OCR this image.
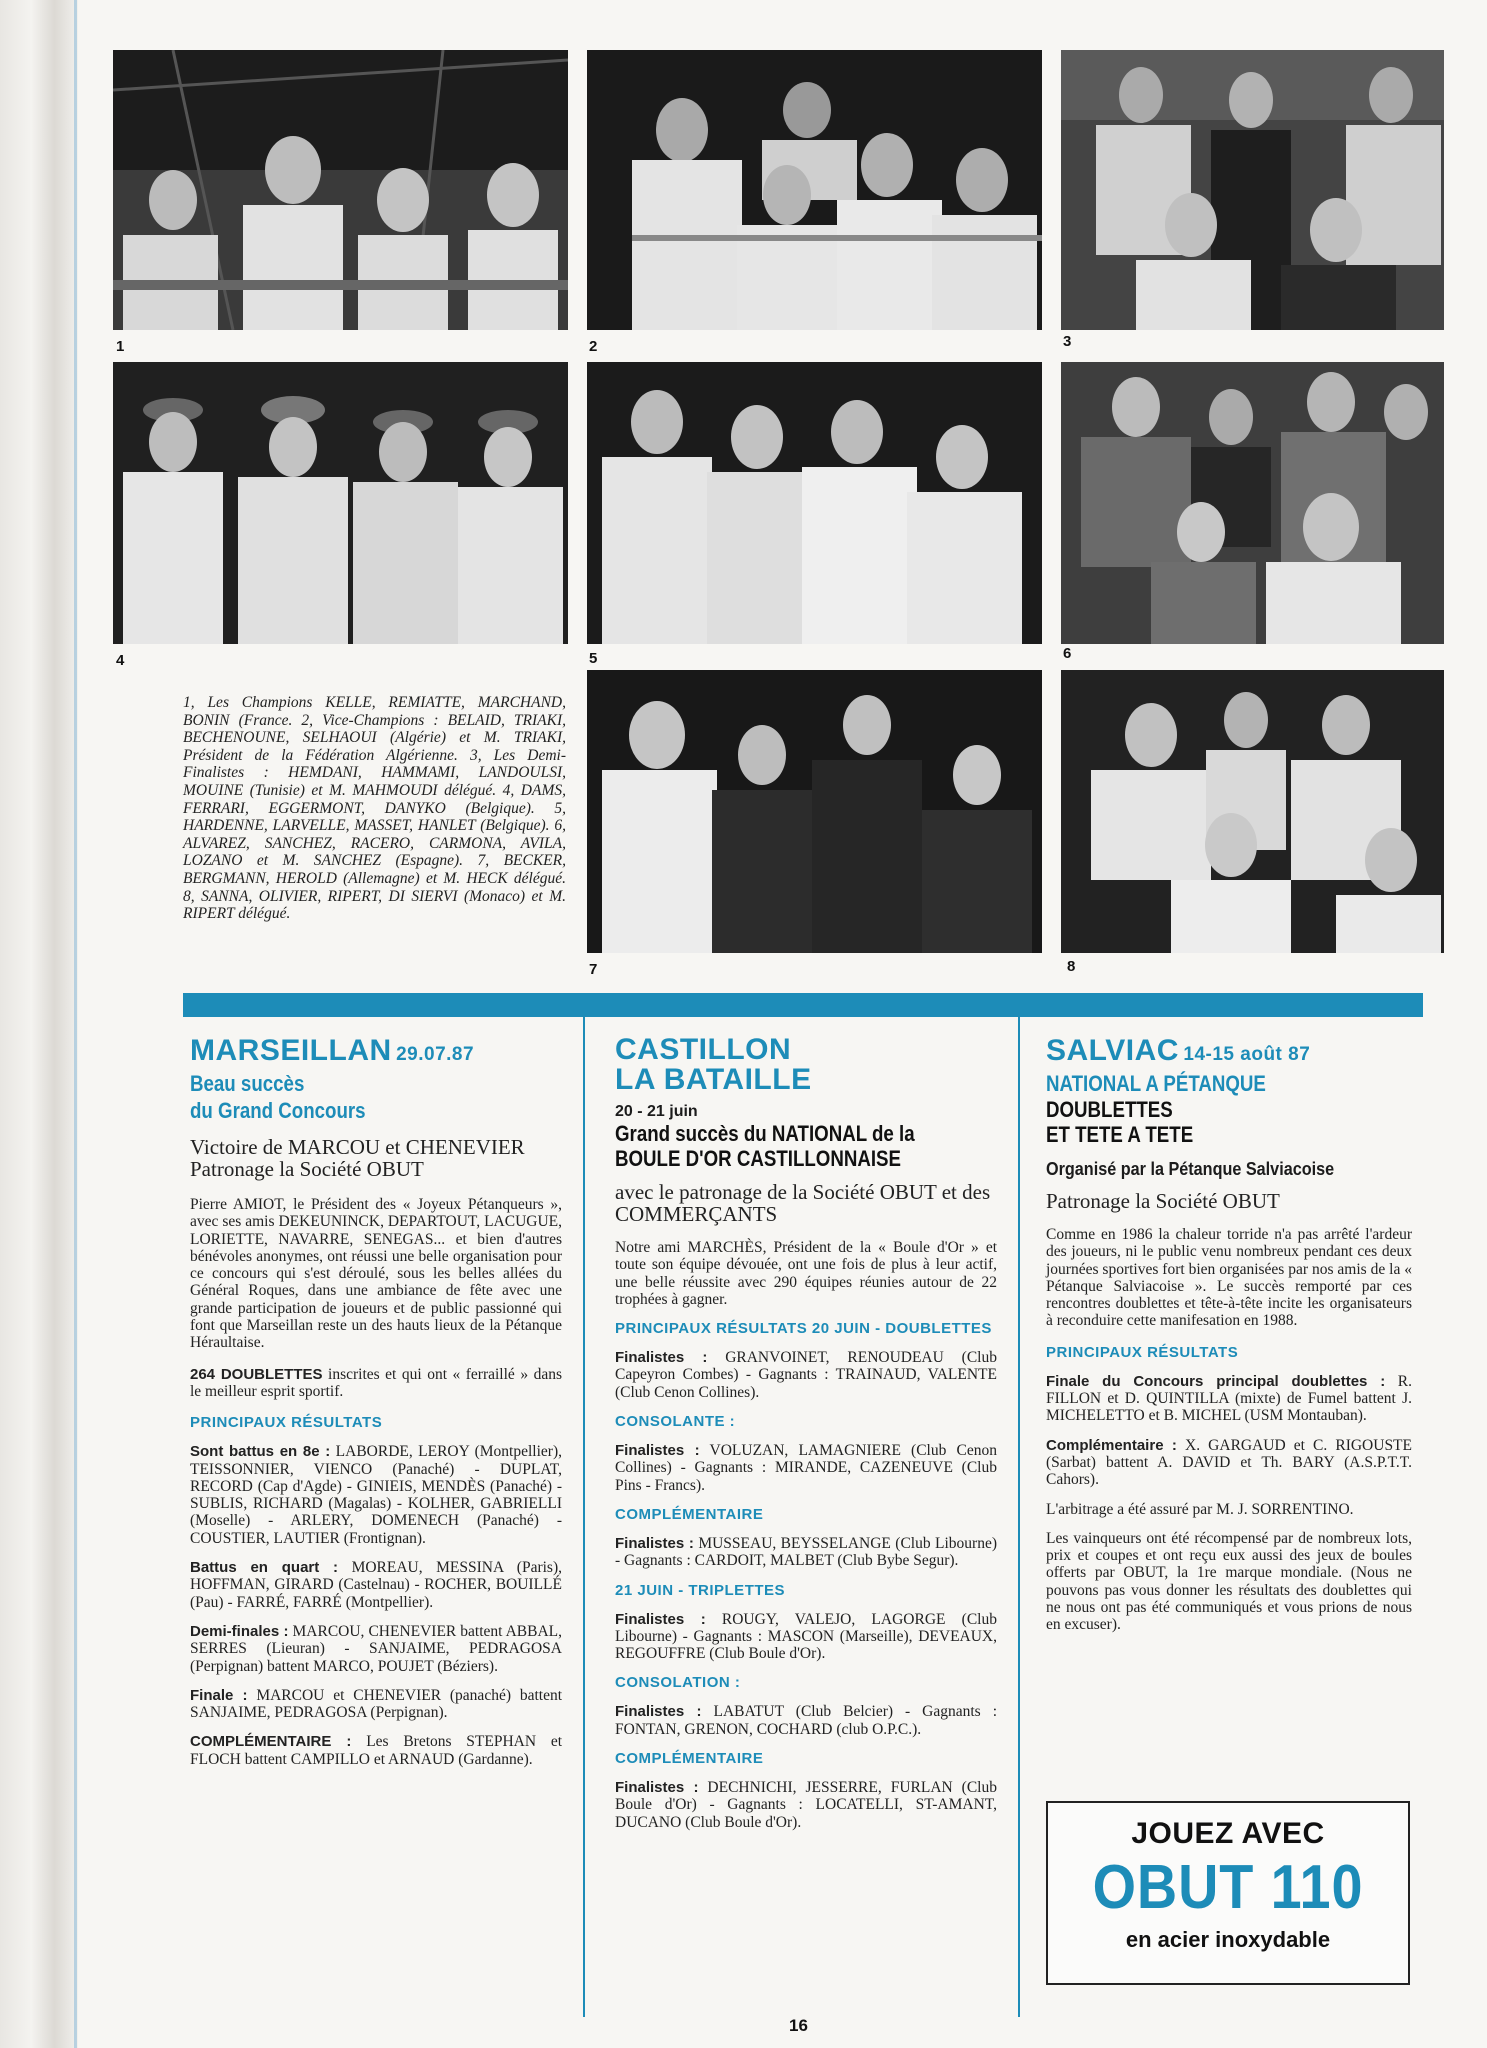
1	2	3
4	5	6
7	8
1, Les Champions KELLE, REMIATTE, MARCHAND, BONIN (France. 2, Vice-Champions : BELAID, TRIAKI, BECHENOUNE, SELHAOUI (Algérie) et M. TRIAKI, Président de la Fédération Algérienne. 3, Les Demi-Finalistes : HEMDANI, HAMMAMI, LANDOULSI, MOUINE (Tunisie) et M. MAHMOUDI délégué. 4, DAMS, FERRARI, EGGERMONT, DANYKO (Belgique). 5, HARDENNE, LARVELLE, MASSET, HANLET (Belgique). 6, ALVAREZ, SANCHEZ, RACERO, CARMONA, AVILA, LOZANO et M. SANCHEZ (Espagne). 7, BECKER, BERGMANN, HEROLD (Allemagne) et M. HECK délégué. 8, SANNA, OLIVIER, RIPERT, DI SIERVI (Monaco) et M. RIPERT délégué.
MARSEILLAN 29.07.87
Beau succès
du Grand Concours
Victoire de MARCOU et CHENEVIER
Patronage la Société OBUT
Pierre AMIOT, le Président des « Joyeux Pétanqueurs », avec ses amis DEKEUNINCK, DEPARTOUT, LACUGUE, LORIETTE, NAVARRE, SENEGAS... et bien d'autres bénévoles anonymes, ont réussi une belle organisation pour ce concours qui s'est déroulé, sous les belles allées du Général Roques, dans une ambiance de fête avec une grande participation de joueurs et de public passionné qui font que Marseillan reste un des hauts lieux de la Pétanque Héraultaise.
264 DOUBLETTES inscrites et qui ont « ferraillé » dans le meilleur esprit sportif.
PRINCIPAUX RÉSULTATS
Sont battus en 8e : LABORDE, LEROY (Montpellier), TEISSONNIER, VIENCO (Panaché) - DUPLAT, RECORD (Cap d'Agde) - GINIEIS, MENDÈS (Panaché) - SUBLIS, RICHARD (Magalas) - KOLHER, GABRIELLI (Moselle) - ARLERY, DOMENECH (Panaché) - COUSTIER, LAUTIER (Frontignan).
Battus en quart : MOREAU, MESSINA (Paris), HOFFMAN, GIRARD (Castelnau) - ROCHER, BOUILLÉ (Pau) - FARRÉ, FARRÉ (Montpellier).
Demi-finales : MARCOU, CHENEVIER battent ABBAL, SERRES (Lieuran) - SANJAIME, PEDRAGOSA (Perpignan) battent MARCO, POUJET (Béziers).
Finale : MARCOU et CHENEVIER (panaché) battent SANJAIME, PEDRAGOSA (Perpignan).
COMPLÉMENTAIRE : Les Bretons STEPHAN et FLOCH battent CAMPILLO et ARNAUD (Gardanne).
CASTILLON
LA BATAILLE
20 - 21 juin
Grand succès du NATIONAL de la
BOULE D'OR CASTILLONNAISE
avec le patronage de la Société OBUT et des COMMERÇANTS
Notre ami MARCHÈS, Président de la « Boule d'Or » et toute son équipe dévouée, ont une fois de plus à leur actif, une belle réussite avec 290 équipes réunies autour de 22 trophées à gagner.
PRINCIPAUX RÉSULTATS 20 JUIN - DOUBLETTES
Finalistes : GRANVOINET, RENOUDEAU (Club Capeyron Combes) - Gagnants : TRAINAUD, VALENTE (Club Cenon Collines).
CONSOLANTE :
Finalistes : VOLUZAN, LAMAGNIERE (Club Cenon Collines) - Gagnants : MIRANDE, CAZENEUVE (Club Pins - Francs).
COMPLÉMENTAIRE
Finalistes : MUSSEAU, BEYSSELANGE (Club Libourne) - Gagnants : CARDOIT, MALBET (Club Bybe Segur).
21 JUIN - TRIPLETTES
Finalistes : ROUGY, VALEJO, LAGORGE (Club Libourne) - Gagnants : MASCON (Marseille), DEVEAUX, REGOUFFRE (Club Boule d'Or).
CONSOLATION :
Finalistes : LABATUT (Club Belcier) - Gagnants : FONTAN, GRENON, COCHARD (club O.P.C.).
COMPLÉMENTAIRE
Finalistes : DECHNICHI, JESSERRE, FURLAN (Club Boule d'Or) - Gagnants : LOCATELLI, ST-AMANT, DUCANO (Club Boule d'Or).
SALVIAC 14-15 août 87
NATIONAL A PÉTANQUE
DOUBLETTES
ET TETE A TETE
Organisé par la Pétanque Salviacoise
Patronage la Société OBUT
Comme en 1986 la chaleur torride n'a pas arrêté l'ardeur des joueurs, ni le public venu nombreux pendant ces deux journées sportives fort bien organisées par nos amis de la « Pétanque Salviacoise ». Le succès remporté par ces rencontres doublettes et tête-à-tête incite les organisateurs à reconduire cette manifesation en 1988.
PRINCIPAUX RÉSULTATS
Finale du Concours principal doublettes : R. FILLON et D. QUINTILLA (mixte) de Fumel battent J. MICHELETTO et B. MICHEL (USM Montauban).
Complémentaire : X. GARGAUD et C. RIGOUSTE (Sarbat) battent A. DAVID et Th. BARY (A.S.P.T.T. Cahors).
L'arbitrage a été assuré par M. J. SORRENTINO.
Les vainqueurs ont été récompensé par de nombreux lots, prix et coupes et ont reçu eux aussi des jeux de boules offerts par OBUT, la 1re marque mondiale. (Nous ne pouvons pas vous donner les résultats des doublettes qui ne nous ont pas été communiqués et vous prions de nous en excuser).
JOUEZ AVEC
OBUT 110
en acier inoxydable
16
